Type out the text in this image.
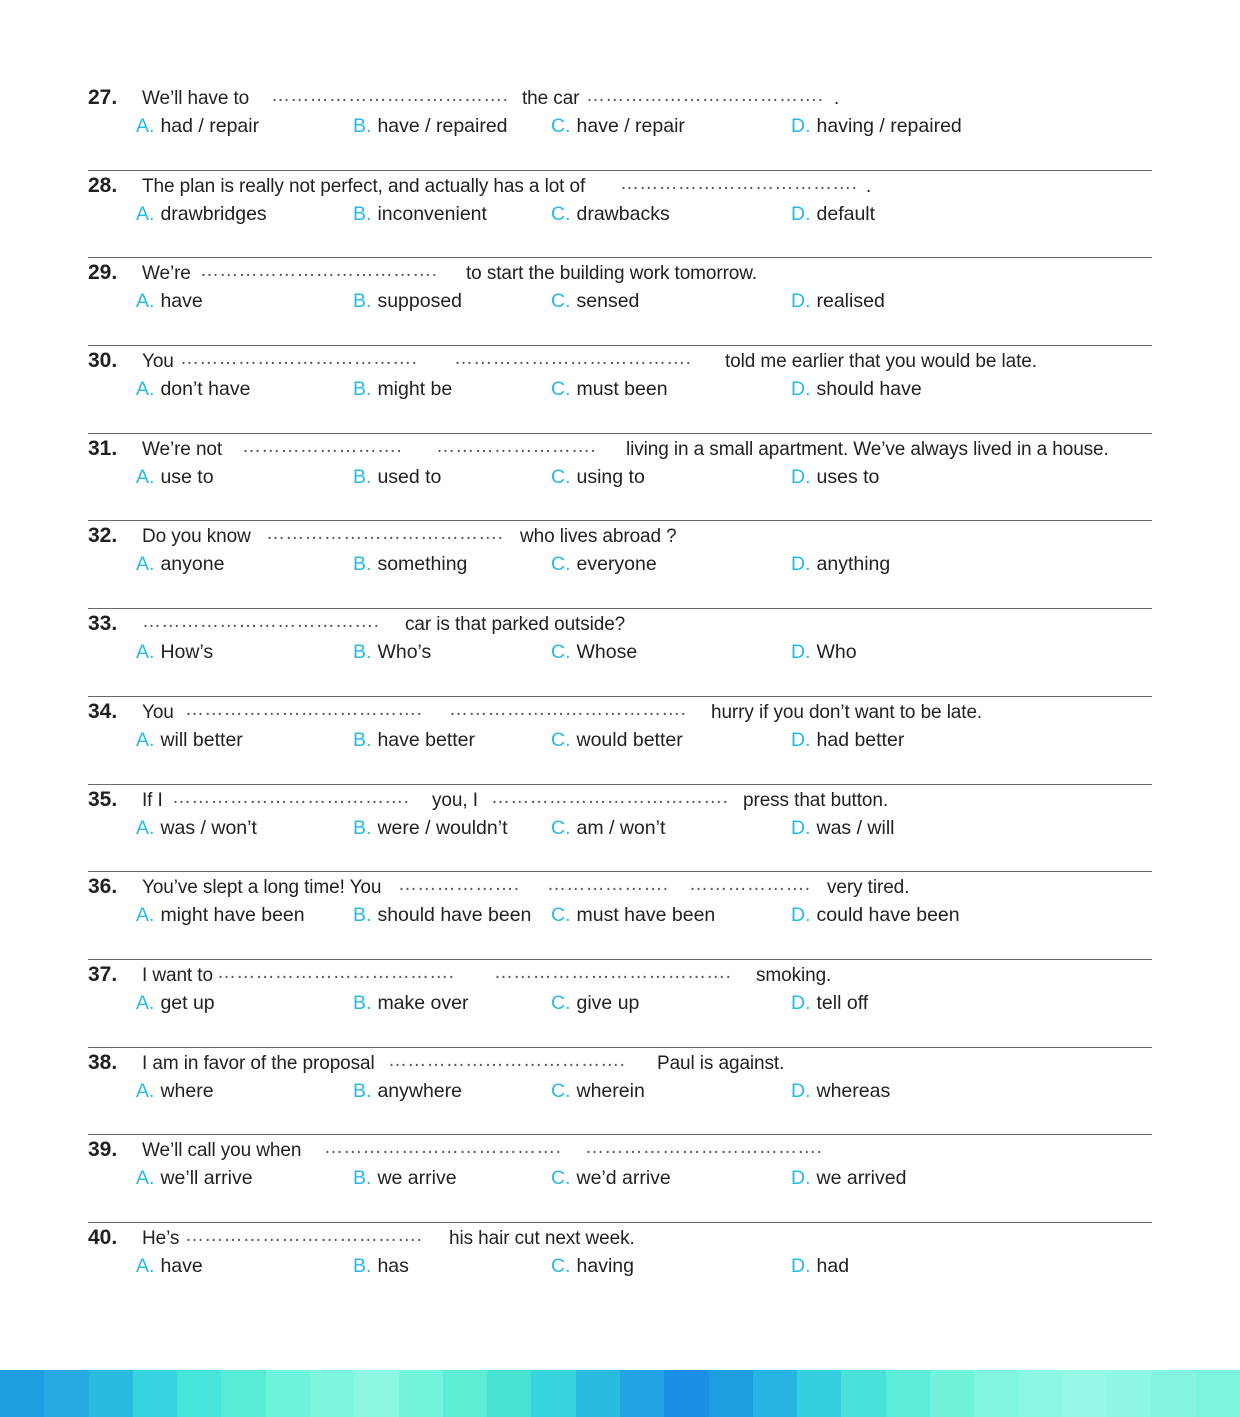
27. We’ll have to ………………………………. the car ………………………………. .
A. had / repair	B. have / repaired C. have / repair	D. having / repaired
28. The plan is really not perfect, and actually has a lot of ………………………………. .
A. drawbridges	B. inconvenient	C. drawbacks	D. default
29. We’re ………………………………. to start the building work tomorrow.
A. have	B. supposed	C. sensed	D. realised
30. You ………………………………. ………………………………. told me earlier that you would be late.
A. don’t have	B. might be	C. must been	D. should have
31. We’re not ……………………. ……………………. living in a small apartment. We’ve always lived in a house.
A. use to	B. used to	C. using to	D. uses to
32. Do you know ………………………………. who lives abroad ?
A. anyone	B. something	C. everyone	D. anything
33. ………………………………. car is that parked outside?
A. How’s	B. Who’s	C. Whose	D. Who
34. You ………………………………. ………………………………. hurry if you don’t want to be late.
A. will better	B. have better	C. would better	D. had better
35. If I ………………………………. you, I ………………………………. press that button.
A. was / won’t	B. were / wouldn’t C. am / won’t	D. was / will
36. You’ve slept a long time! You ………………. ………………. ………………. very tired.
A. might have been B. should have been C. must have been	D. could have been
37. I want to ………………………………. ………………………………. smoking.
A. get up	B. make over	C. give up	D. tell off
38. I am in favor of the proposal ………………………………. Paul is against.
A. where	B. anywhere	C. wherein	D. whereas
39. We’ll call you when ………………………………. ……………………………….
A. we’ll arrive	B. we arrive	C. we’d arrive	D. we arrived
40. He’s ………………………………. his hair cut next week.
A. have	B. has	C. having	D. had
